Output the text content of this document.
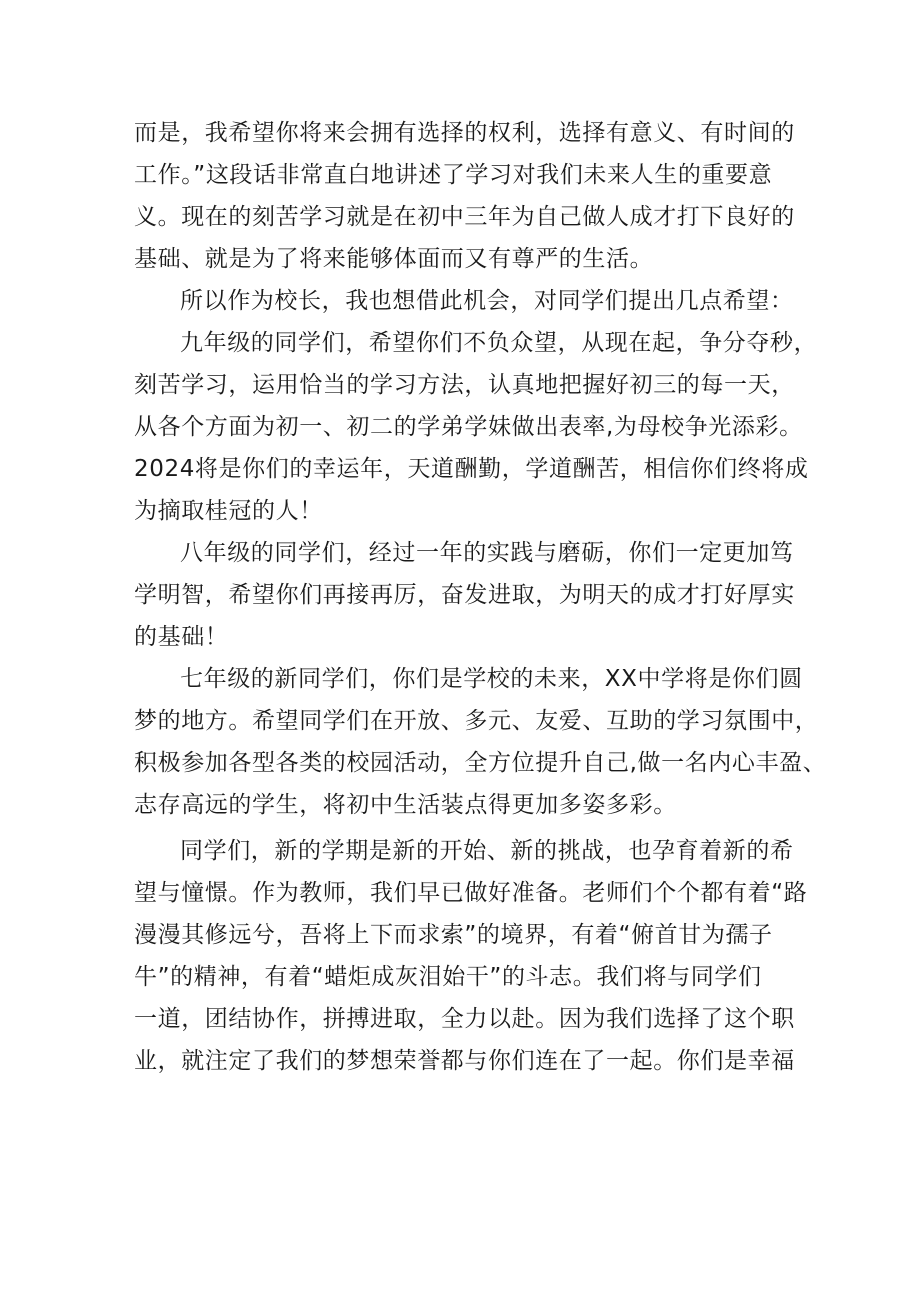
而是，我希望你将来会拥有选择的权利，选择有意义、有时间的
工作。”这段话非常直白地讲述了学习对我们未来人生的重要意
义。现在的刻苦学习就是在初中三年为自己做人成才打下良好的
基础、就是为了将来能够体面而又有尊严的生活。
所以作为校长，我也想借此机会，对同学们提出几点希望：
九年级的同学们，希望你们不负众望，从现在起，争分夺秒，
刻苦学习，运用恰当的学习方法，认真地把握好初三的每一天，
从各个方面为初一、初二的学弟学妹做出表率,为母校争光添彩。
2024将是你们的幸运年，天道酬勤，学道酬苦，相信你们终将成
为摘取桂冠的人！
八年级的同学们，经过一年的实践与磨砺，你们一定更加笃
学明智，希望你们再接再厉，奋发进取，为明天的成才打好厚实
的基础！
七年级的新同学们，你们是学校的未来，XX中学将是你们圆
梦的地方。希望同学们在开放、多元、友爱、互助的学习氛围中，
积极参加各型各类的校园活动，全方位提升自己,做一名内心丰盈、
志存高远的学生，将初中生活装点得更加多姿多彩。
同学们，新的学期是新的开始、新的挑战，也孕育着新的希
望与憧憬。作为教师，我们早已做好准备。老师们个个都有着“路
漫漫其修远兮，吾将上下而求索”的境界，有着“俯首甘为孺子
牛”的精神，有着“蜡炬成灰泪始干”的斗志。我们将与同学们
一道，团结协作，拼搏进取，全力以赴。因为我们选择了这个职
业，就注定了我们的梦想荣誉都与你们连在了一起。你们是幸福
